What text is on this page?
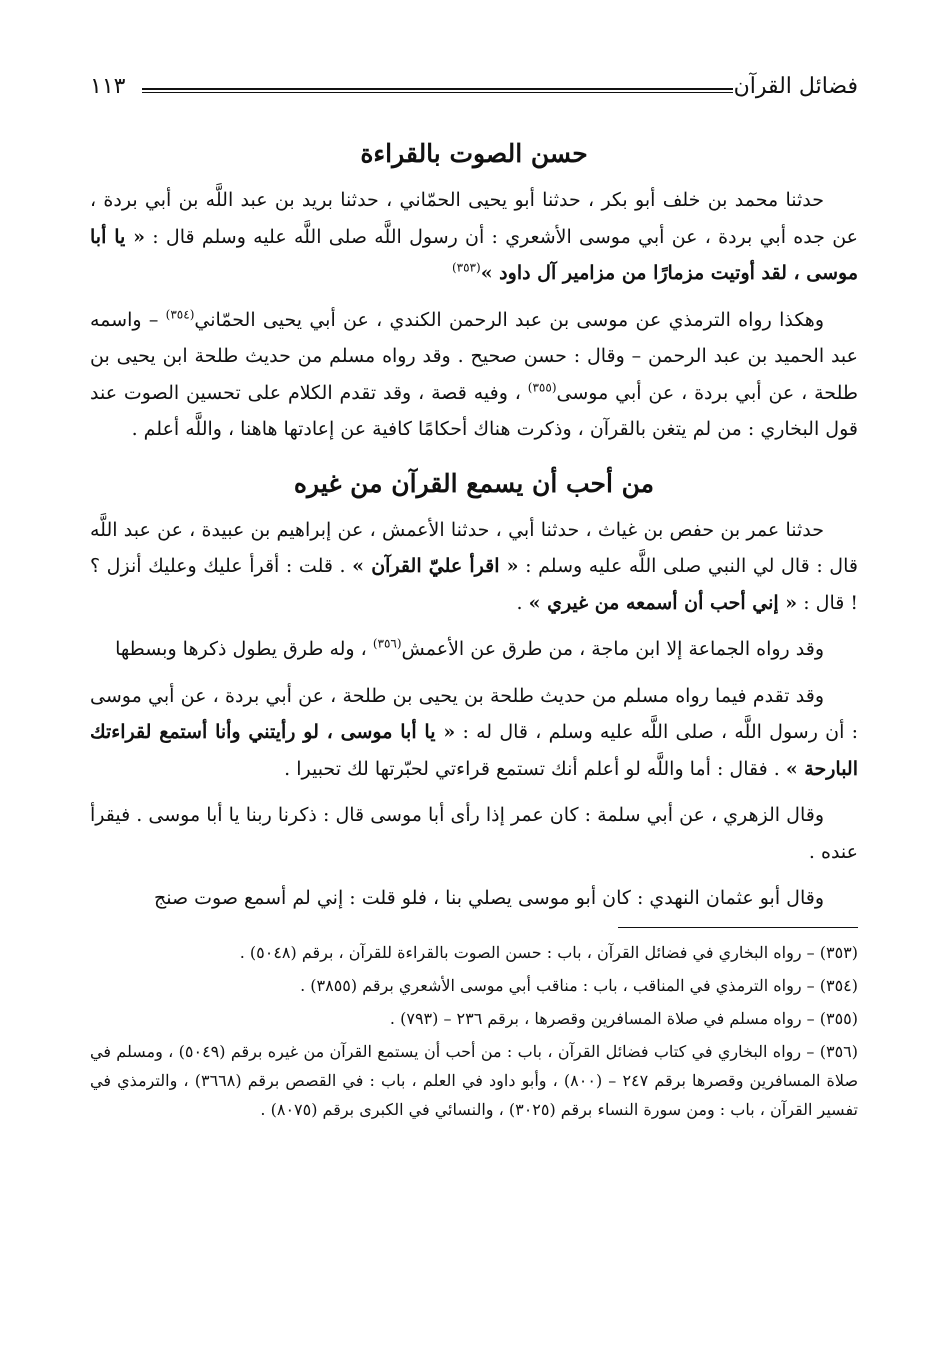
فضائل القرآن
١١٣
حسن الصوت بالقراءة

حدثنا محمد بن خلف أبو بكر ، حدثنا أبو يحيى الحمّاني ، حدثنا بريد بن عبد اللَّه بن أبي بردة ، عن جده أبي بردة ، عن أبي موسى الأشعري : أن رسول اللَّه صلى اللَّه عليه وسلم قال : « يا أبا موسى ، لقد أوتيت مزمارًا من مزامير آل داود »$^{(٣٥٣)}$

وهكذا رواه الترمذي عن موسى بن عبد الرحمن الكندي ، عن أبي يحيى الحمّاني$^{(٣٥٤)}$ – واسمه عبد الحميد بن عبد الرحمن – وقال : حسن صحيح . وقد رواه مسلم من حديث طلحة ابن يحيى بن طلحة ، عن أبي بردة ، عن أبي موسى$^{(٣٥٥)}$ ، وفيه قصة ، وقد تقدم الكلام على تحسين الصوت عند قول البخاري : من لم يتغن بالقرآن ، وذكرت هناك أحكامًا كافية عن إعادتها هاهنا ، واللَّه أعلم .

من أحب أن يسمع القرآن من غيره

حدثنا عمر بن حفص بن غياث ، حدثنا أبي ، حدثنا الأعمش ، عن إبراهيم بن عبيدة ، عن عبد اللَّه قال : قال لي النبي صلى اللَّه عليه وسلم : « اقرأ عليّ القرآن » . قلت : أقرأ عليك وعليك أنزل ؟ ! قال : « إني أحب أن أسمعه من غيري » .

وقد رواه الجماعة إلا ابن ماجة ، من طرق عن الأعمش$^{(٣٥٦)}$ ، وله طرق يطول ذكرها وبسطها

وقد تقدم فيما رواه مسلم من حديث طلحة بن يحيى بن طلحة ، عن أبي بردة ، عن أبي موسى : أن رسول اللَّه ، صلى اللَّه عليه وسلم ، قال له : « يا أبا موسى ، لو رأيتني وأنا أستمع لقراءتك البارحة » . فقال : أما واللَّه لو أعلم أنك تستمع قراءتي لحبّرتها لك تحبيرا .

وقال الزهري ، عن أبي سلمة : كان عمر إذا رأى أبا موسى قال : ذكرنا ربنا يا أبا موسى . فيقرأ عنده .

وقال أبو عثمان النهدي : كان أبو موسى يصلي بنا ، فلو قلت : إني لم أسمع صوت صنج

(٣٥٣) – رواه البخاري في فضائل القرآن ، باب : حسن الصوت بالقراءة للقرآن ، برقم (٥٠٤٨) .

(٣٥٤) – رواه الترمذي في المناقب ، باب : مناقب أبي موسى الأشعري برقم (٣٨٥٥) .

(٣٥٥) – رواه مسلم في صلاة المسافرين وقصرها ، برقم ٢٣٦ – (٧٩٣) .

(٣٥٦) – رواه البخاري في كتاب فضائل القرآن ، باب : من أحب أن يستمع القرآن من غيره برقم (٥٠٤٩) ، ومسلم في صلاة المسافرين وقصرها برقم ٢٤٧ – (٨٠٠) ، وأبو داود في العلم ، باب : في القصص برقم (٣٦٦٨) ، والترمذي في تفسير القرآن ، باب : ومن سورة النساء برقم (٣٠٢٥) ، والنسائي في الكبرى برقم (٨٠٧٥) .
